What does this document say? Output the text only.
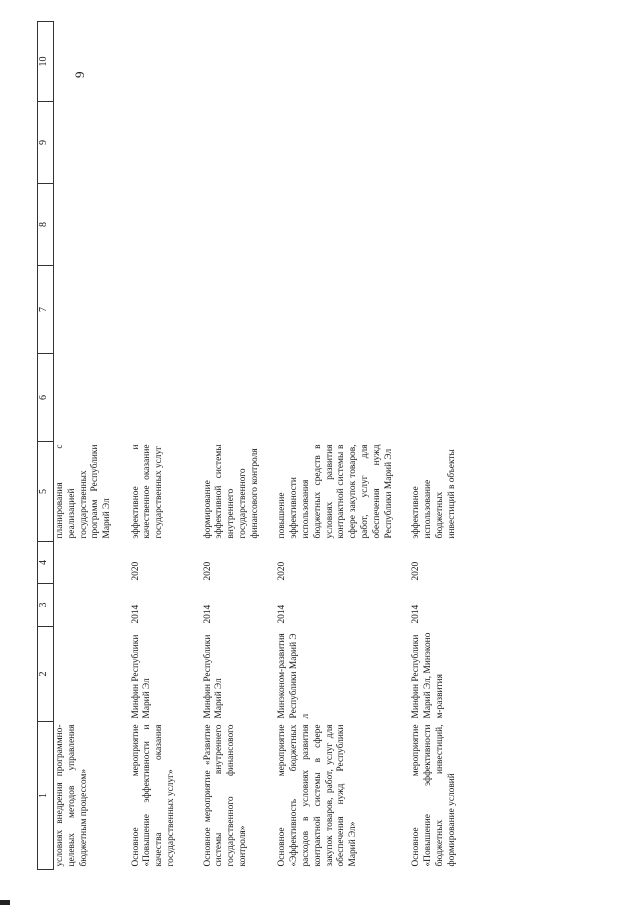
9
1	2	3	4	5	6	7	8	9	10
условиях внедрения программно-целевых методов управления бюджетным процессом»				планирования с реализацией государственных программ Республики Марий Эл					

Основное мероприятие «Повышение эффективности и качества оказания государственных услуг»	Минфин Республики Марий Эл	2014	2020	эффективное и качественное оказание государственных услуг					

Основное мероприятие «Развитие системы внутреннего государственного финансового контроля»	Минфин Республики Марий Эл	2014	2020	формирование эффективной системы внутреннего государственного финансового контроля					

Основное мероприятие «Эффективность бюджетных расходов в условиях развития контрактной системы в сфере закупок товаров, работ, услуг для обеспечения нужд Республики Марий Эл»	Минэконом-развития Республики Марий Эл	2014	2020	повышение эффективности использования бюджетных средств в условиях развития контрактной системы в сфере закупок товаров, работ, услуг для обеспечения нужд Республики Марий Эл					

Основное мероприятие «Повышение эффективности бюджетных инвестиций, формирование условий	Минфин Республики Марий Эл, Минэконом-развития	2014	2020	эффективное использование бюджетных инвестиций в объекты					
